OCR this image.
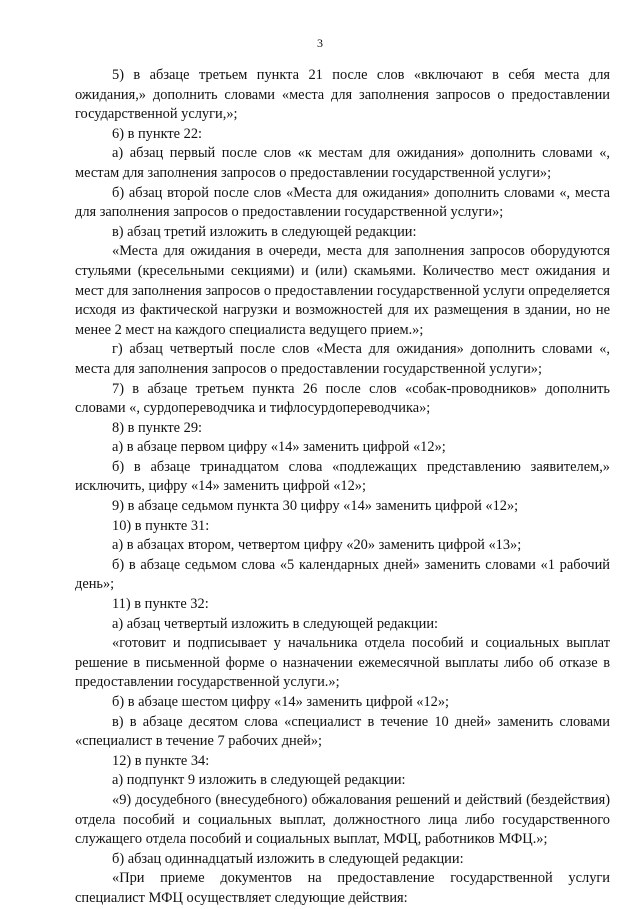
3

5) в абзаце третьем пункта 21 после слов «включают в себя места для ожидания,» дополнить словами «места для заполнения запросов о предоставлении государственной услуги,»;

6) в пункте 22:

а) абзац первый после слов «к местам для ожидания» дополнить словами «, местам для заполнения запросов о предоставлении государственной услуги»;

б) абзац второй после слов «Места для ожидания» дополнить словами «, места для заполнения запросов о предоставлении государственной услуги»;

в) абзац третий изложить в следующей редакции:

«Места для ожидания в очереди, места для заполнения запросов оборудуются стульями (кресельными секциями) и (или) скамьями. Количество мест ожидания и мест для заполнения запросов о предоставлении государственной услуги определяется исходя из фактической нагрузки и возможностей для их размещения в здании, но не менее 2 мест на каждого специалиста ведущего прием.»;

г) абзац четвертый после слов «Места для ожидания» дополнить словами «, места для заполнения запросов о предоставлении государственной услуги»;

7) в абзаце третьем пункта 26 после слов «собак-проводников» дополнить словами «, сурдопереводчика и тифлосурдопереводчика»;

8) в пункте 29:

а) в абзаце первом цифру «14» заменить цифрой «12»;

б) в абзаце тринадцатом слова «подлежащих представлению заявителем,» исключить, цифру «14» заменить цифрой «12»;

9) в абзаце седьмом пункта 30 цифру «14» заменить цифрой «12»;

10) в пункте 31:

а) в абзацах втором, четвертом цифру «20» заменить цифрой «13»;

б) в абзаце седьмом слова «5 календарных дней» заменить словами «1 рабочий день»;

11) в пункте 32:

а) абзац четвертый изложить в следующей редакции:

«готовит и подписывает у начальника отдела пособий и социальных выплат решение в письменной форме о назначении ежемесячной выплаты либо об отказе в предоставлении государственной услуги.»;

б) в абзаце шестом цифру «14» заменить цифрой «12»;

в) в абзаце десятом слова «специалист в течение 10 дней» заменить словами «специалист в течение 7 рабочих дней»;

12) в пункте 34:

а) подпункт 9 изложить в следующей редакции:

«9) досудебного (внесудебного) обжалования решений и действий (бездействия) отдела пособий и социальных выплат, должностного лица либо государственного служащего отдела пособий и социальных выплат, МФЦ, работников МФЦ.»;

б) абзац одиннадцатый изложить в следующей редакции:

«При приеме документов на предоставление государственной услуги специалист МФЦ осуществляет следующие действия:
